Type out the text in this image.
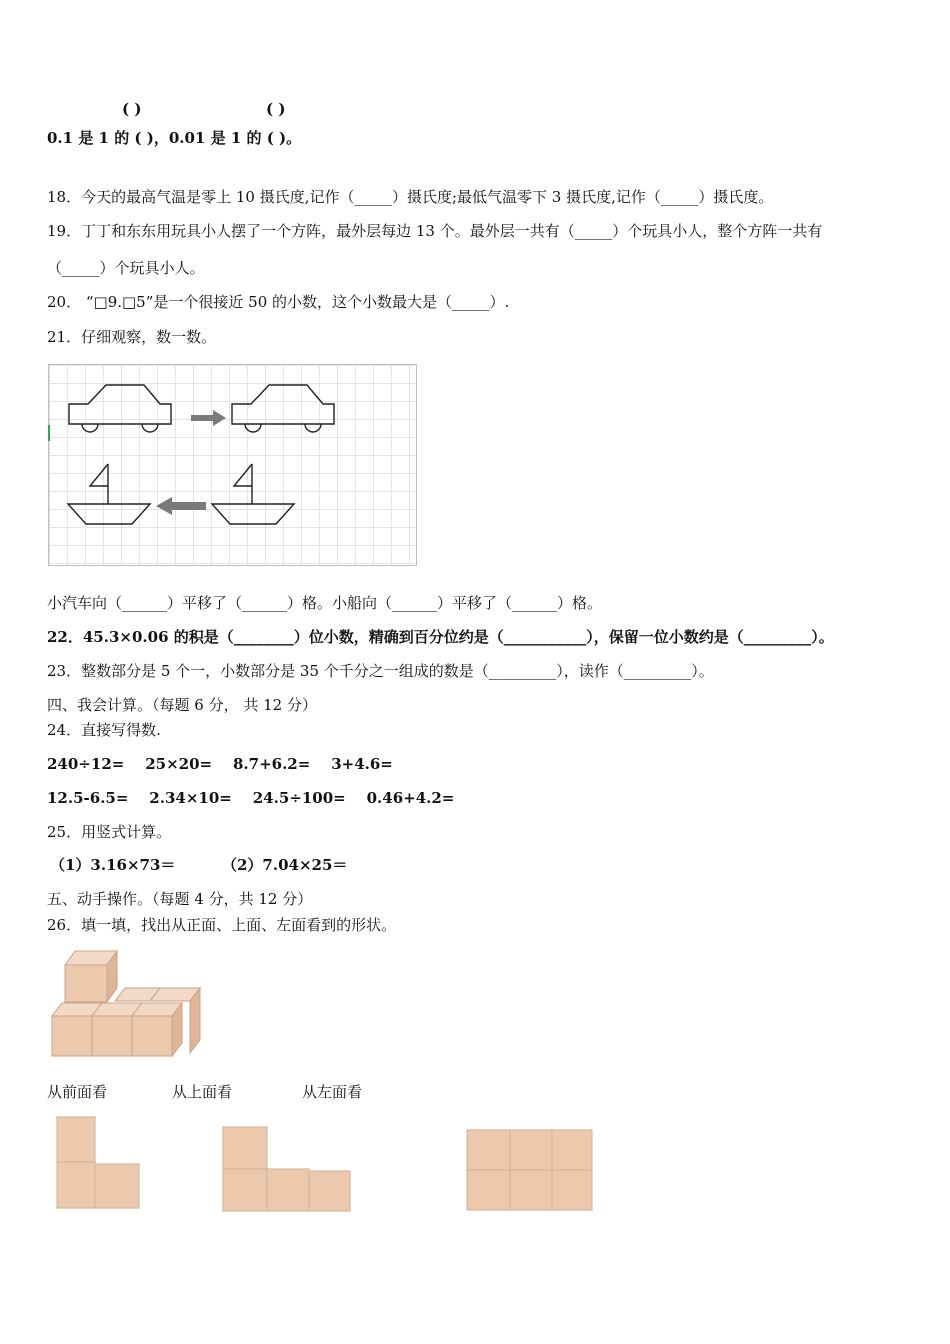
( )	( )
0.1 是 1 的 ( )，0.01 是 1 的 ( )。
18．今天的最高气温是零上 10 摄氏度,记作（_____）摄氏度;最低气温零下 3 摄氏度,记作（_____）摄氏度。
19．丁丁和东东用玩具小人摆了一个方阵，最外层每边 13 个。最外层一共有（_____）个玩具小人，整个方阵一共有
（_____）个玩具小人。
20． “□9.□5”是一个很接近 50 的小数，这个小数最大是（_____）.
21．仔细观察，数一数。
小汽车向（______）平移了（______）格。小船向（______）平移了（______）格。
22．45.3×0.06 的积是（________）位小数，精确到百分位约是（___________），保留一位小数约是（_________）。
23．整数部分是 5 个一，小数部分是 35 个千分之一组成的数是（_________），读作（_________）。
四、我会计算。（每题 6 分， 共 12 分）
24．直接写得数.
240÷12=    25×20=    8.7+6.2=    3+4.6=
12.5-6.5=    2.34×10=    24.5÷100=    0.46+4.2=
25．用竖式计算。
（1）3.16×73＝	（2）7.04×25＝
五、动手操作。（每题 4 分，共 12 分）
26．填一填，找出从正面、上面、左面看到的形状。
从前面看	从上面看	从左面看
